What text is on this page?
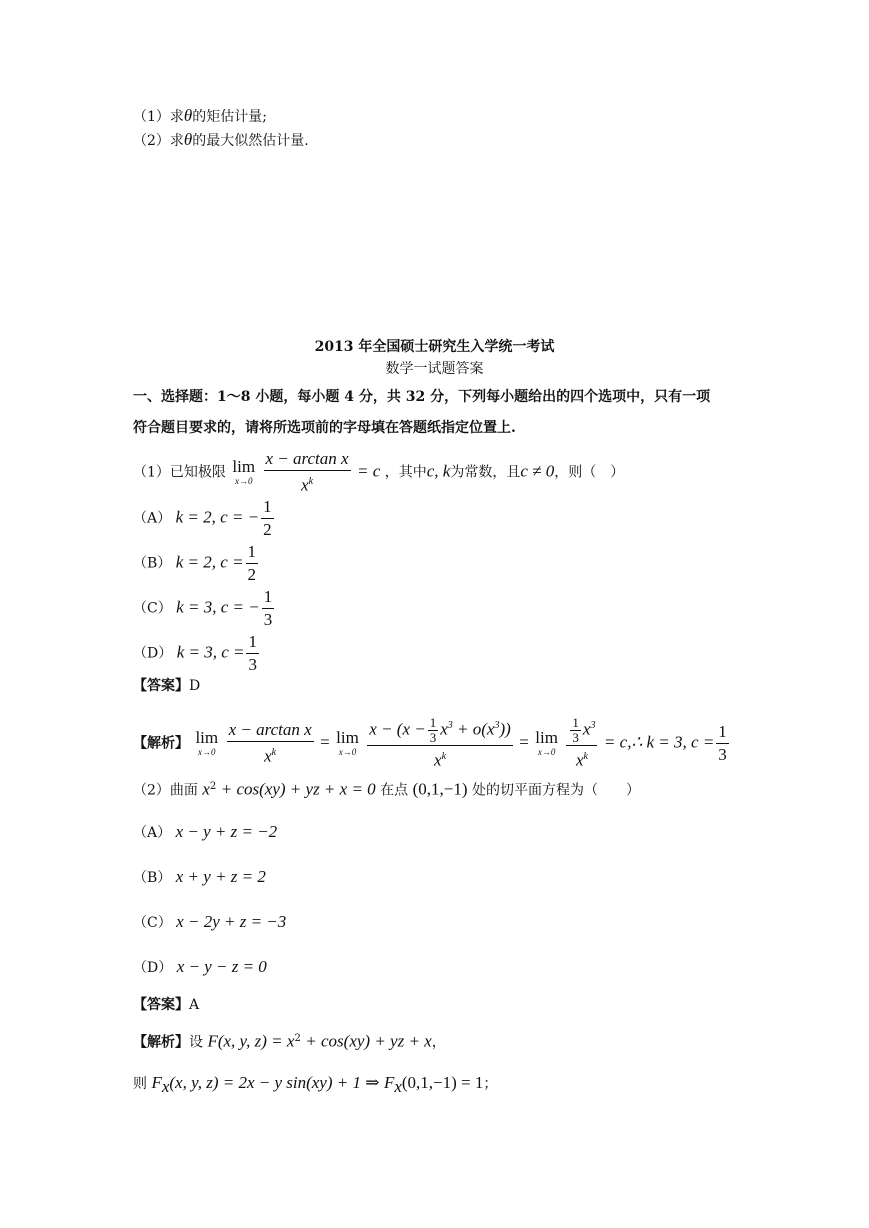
（1）求θ的矩估计量;
（2）求θ的最大似然估计量.
2013 年全国硕士研究生入学统一考试
数学一试题答案
一、选择题：1～8 小题，每小题 4 分，共 32 分，下列每小题给出的四个选项中，只有一项
符合题目要求的，请将所选项前的字母填在答题纸指定位置上.
（1）已知极限 lim
x→0
$\frac{\text{x − arctan x}}{x^k} = c$ ，其中c, k为常数，且c ≠ 0，则（　）
（A） k = 2, c = − $\frac{1}{2}$
（B） k = 2, $c = \frac{1}{2}$
（C） k = 3, c = − $\frac{1}{3}$
（D） k = 3, $c = \frac{1}{3}$
【答案】D
【解析】 lim
x→0
$\frac{\text{x − arctan x}}{x^k} = \lim$
x→0
$\frac{x - (x - \frac{1}{3} x^3 + o(x^3))}{x^k} = \lim$
x→0
$\frac{\frac{1}{3} x^3}{x^k}$ = c,∴ k = 3, $c = \frac{1}{3}$
（2）曲面 $x^2 + \cos(xy)$ + yz + x = 0 在点 (0,1,−1) 处的切平面方程为（　　）
（A） x − y + z = −2
（B） x + y + z = 2
（C） x − 2y + z = −3
（D） x − y − z = 0
【答案】A
【解析】设 F(x, y, $z) = x^2 + \cos(xy)$ + yz + x，
则 $F_x(x$, y, z) = 2x − y sin(xy) + 1 ⇒ $F_x(0,1,-1) = 1$；
